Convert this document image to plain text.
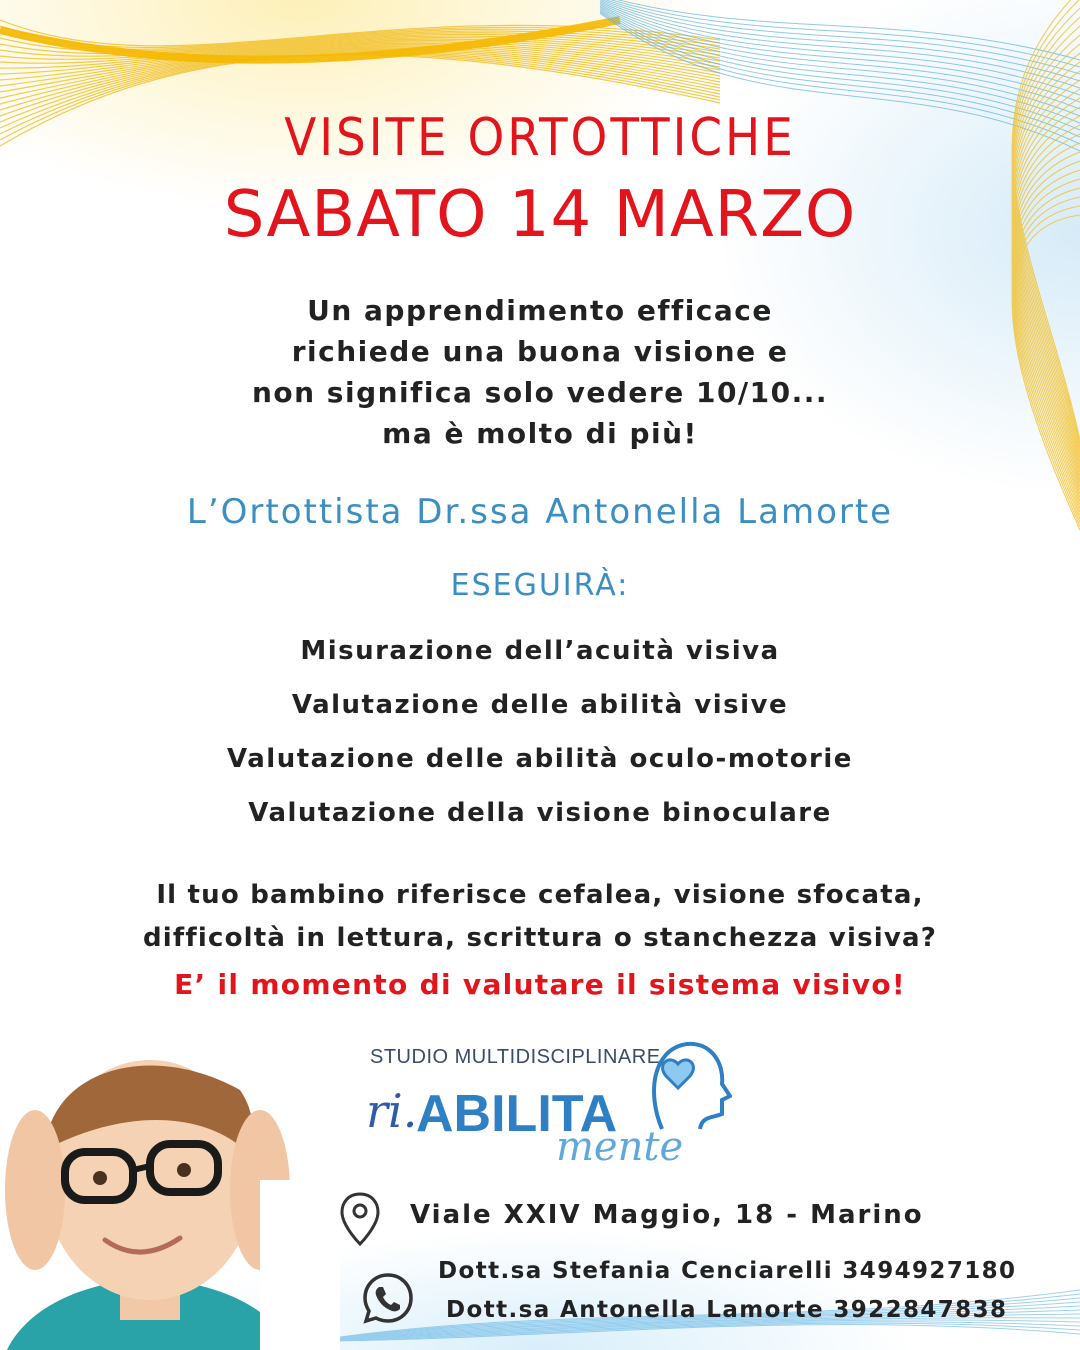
VISITE ORTOTTICHE
SABATO 14 MARZO
Un apprendimento efficace
richiede una buona visione e
non significa solo vedere 10/10...
ma è molto di più!
L’Ortottista Dr.ssa Antonella Lamorte
ESEGUIRÀ:
Misurazione dell’acuità visiva
Valutazione delle abilità visive
Valutazione delle abilità oculo-motorie
Valutazione della visione binoculare
Il tuo bambino riferisce cefalea, visione sfocata,
difficoltà in lettura, scrittura o stanchezza visiva?
E’ il momento di valutare il sistema visivo!
STUDIO MULTIDISCIPLINARE
ri.
ABILITA
mente
Viale XXIV Maggio, 18 - Marino
Dott.sa Stefania Cenciarelli 3494927180
Dott.sa Antonella Lamorte 3922847838
